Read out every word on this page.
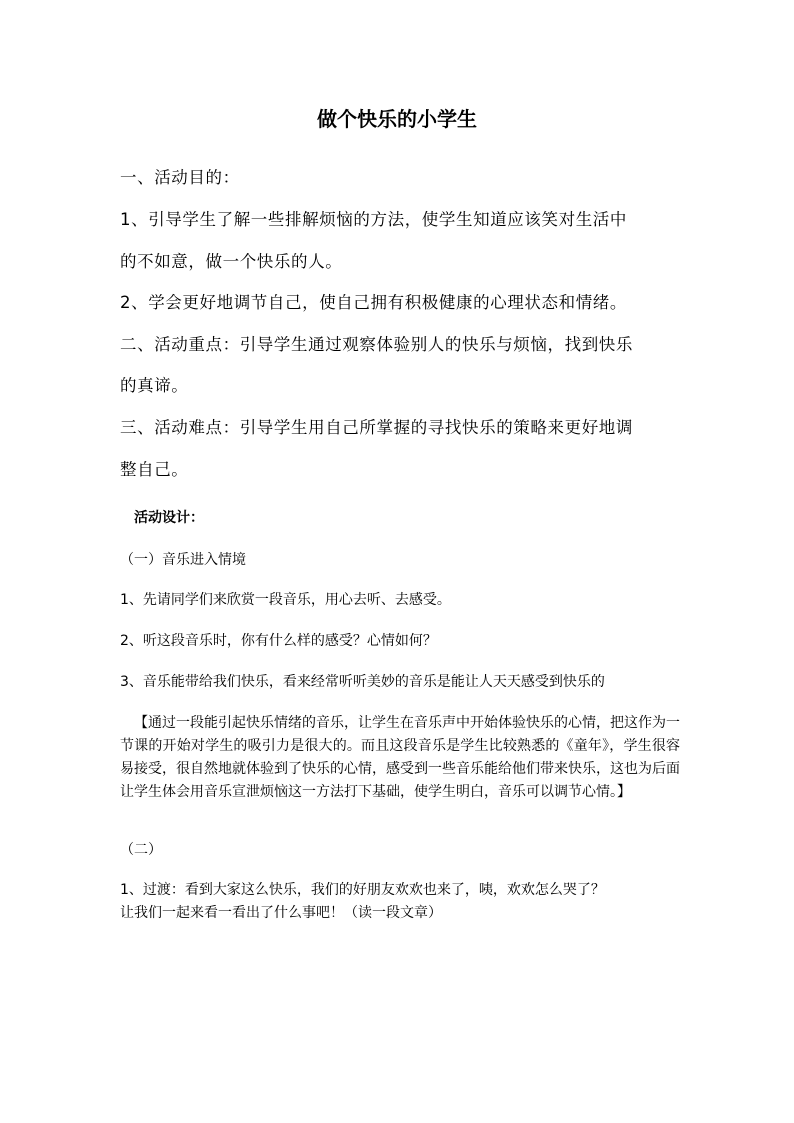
做个快乐的小学生
一、活动目的：
1、引导学生了解一些排解烦恼的方法，使学生知道应该笑对生活中
的不如意，做一个快乐的人。
2、学会更好地调节自己，使自己拥有积极健康的心理状态和情绪。
二、活动重点：引导学生通过观察体验别人的快乐与烦恼，找到快乐
的真谛。
三、活动难点：引导学生用自己所掌握的寻找快乐的策略来更好地调
整自己。
活动设计：
（一）音乐进入情境
1、先请同学们来欣赏一段音乐，用心去听、去感受。
2、听这段音乐时，你有什么样的感受？心情如何？
3、音乐能带给我们快乐，看来经常听听美妙的音乐是能让人天天感受到快乐的
【通过一段能引起快乐情绪的音乐，让学生在音乐声中开始体验快乐的心情，把这作为一节课的开始对学生的吸引力是很大的。而且这段音乐是学生比较熟悉的《童年》，学生很容易接受，很自然地就体验到了快乐的心情，感受到一些音乐能给他们带来快乐，这也为后面让学生体会用音乐宣泄烦恼这一方法打下基础，使学生明白，音乐可以调节心情。】
（二）
1、过渡：看到大家这么快乐，我们的好朋友欢欢也来了，咦，欢欢怎么哭了？
让我们一起来看一看出了什么事吧！（读一段文章）
